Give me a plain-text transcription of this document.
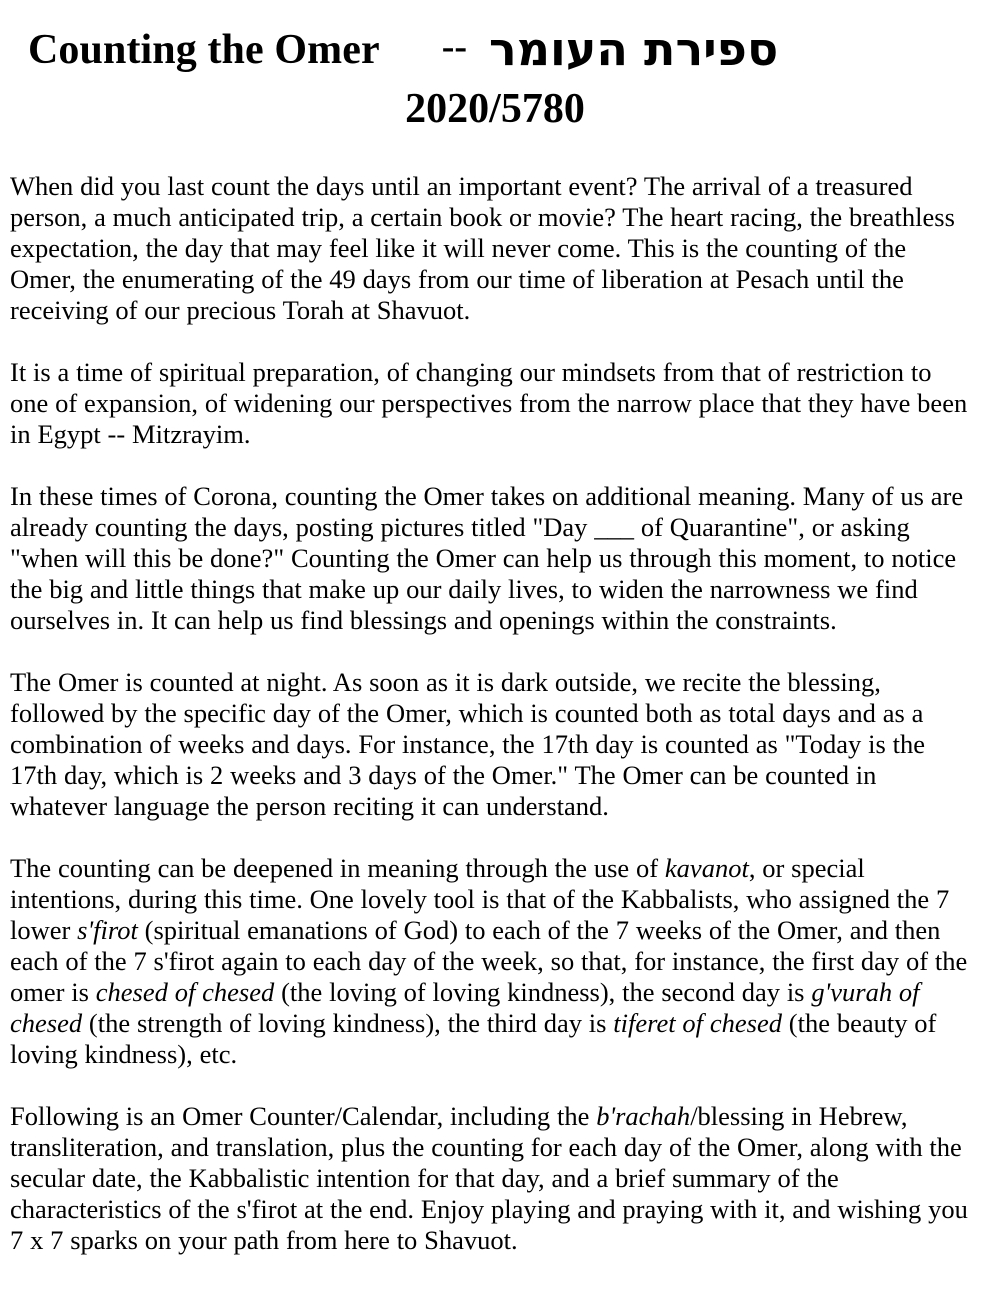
Counting the Omer -- ספירת העומר
2020/5780

When did you last count the days until an important event? The arrival of a treasured person, a much anticipated trip, a certain book or movie? The heart racing, the breathless expectation, the day that may feel like it will never come. This is the counting of the Omer, the enumerating of the 49 days from our time of liberation at Pesach until the receiving of our precious Torah at Shavuot.

It is a time of spiritual preparation, of changing our mindsets from that of restriction to one of expansion, of widening our perspectives from the narrow place that they have been in Egypt -- Mitzrayim.

In these times of Corona, counting the Omer takes on additional meaning. Many of us are already counting the days, posting pictures titled "Day ___ of Quarantine", or asking "when will this be done?" Counting the Omer can help us through this moment, to notice the big and little things that make up our daily lives, to widen the narrowness we find ourselves in. It can help us find blessings and openings within the constraints.

The Omer is counted at night. As soon as it is dark outside, we recite the blessing, followed by the specific day of the Omer, which is counted both as total days and as a combination of weeks and days. For instance, the 17th day is counted as "Today is the 17th day, which is 2 weeks and 3 days of the Omer." The Omer can be counted in whatever language the person reciting it can understand.

The counting can be deepened in meaning through the use of kavanot, or special intentions, during this time. One lovely tool is that of the Kabbalists, who assigned the 7 lower s'firot (spiritual emanations of God) to each of the 7 weeks of the Omer, and then each of the 7 s'firot again to each day of the week, so that, for instance, the first day of the omer is chesed of chesed (the loving of loving kindness), the second day is g'vurah of chesed (the strength of loving kindness), the third day is tiferet of chesed (the beauty of loving kindness), etc.

Following is an Omer Counter/Calendar, including the b'rachah/blessing in Hebrew, transliteration, and translation, plus the counting for each day of the Omer, along with the secular date, the Kabbalistic intention for that day, and a brief summary of the characteristics of the s'firot at the end. Enjoy playing and praying with it, and wishing you 7 x 7 sparks on your path from here to Shavuot.
